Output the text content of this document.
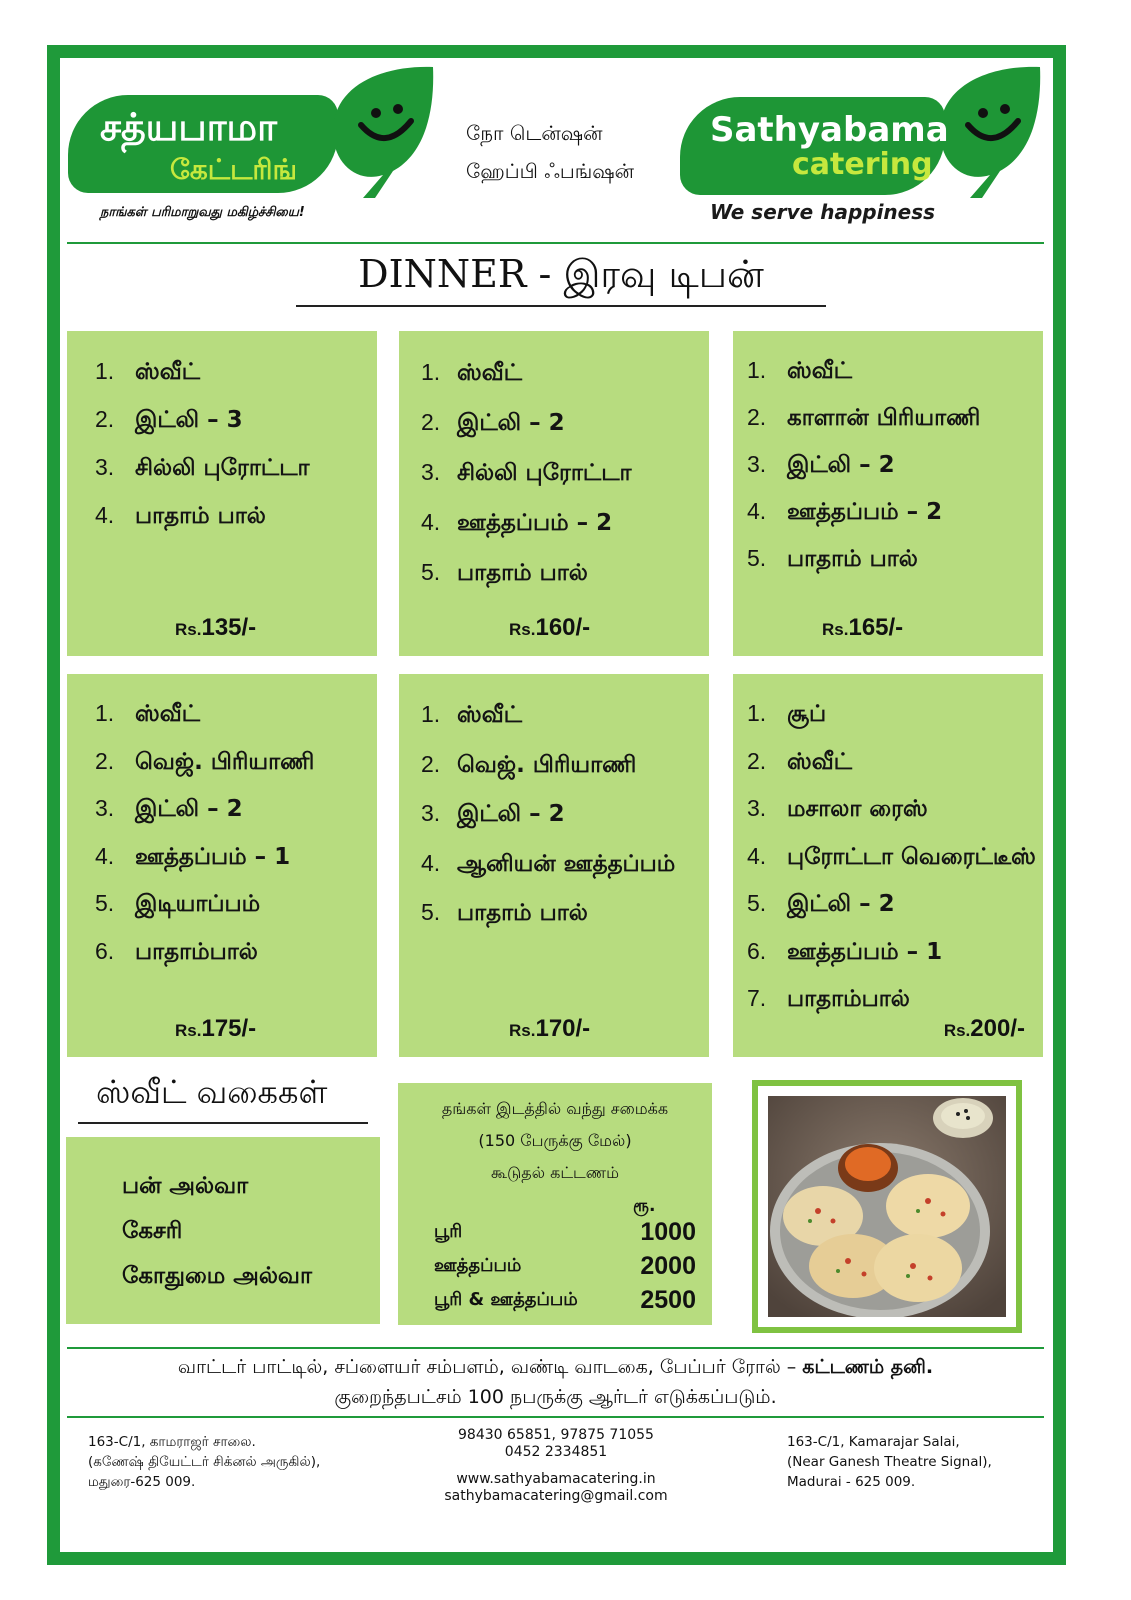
சத்யபாமா
கேட்டரிங்
நாங்கள் பரிமாறுவது மகிழ்ச்சியை!
நோ டென்ஷன்
ஹேப்பி ஃபங்ஷன்
Sathyabama
catering
We serve happiness
DINNER - இரவு டிபன்
1. ஸ்வீட்
2. இட்லி – 3
3. சில்லி புரோட்டா
4. பாதாம் பால்
Rs.135/-
1. ஸ்வீட்
2. இட்லி – 2
3. சில்லி புரோட்டா
4. ஊத்தப்பம் – 2
5. பாதாம் பால்
Rs.160/-
1. ஸ்வீட்
2. காளான் பிரியாணி
3. இட்லி – 2
4. ஊத்தப்பம் – 2
5. பாதாம் பால்
Rs.165/-
1. ஸ்வீட்
2. வெஜ். பிரியாணி
3. இட்லி – 2
4. ஊத்தப்பம் – 1
5. இடியாப்பம்
6. பாதாம்பால்
Rs.175/-
1. ஸ்வீட்
2. வெஜ். பிரியாணி
3. இட்லி – 2
4. ஆனியன் ஊத்தப்பம்
5. பாதாம் பால்
Rs.170/-
1. சூப்
2. ஸ்வீட்
3. மசாலா ரைஸ்
4. புரோட்டா வெரைட்டீஸ்
5. இட்லி – 2
6. ஊத்தப்பம் – 1
7. பாதாம்பால்
Rs.200/-
ஸ்வீட் வகைகள்
பன் அல்வா
கேசரி
கோதுமை அல்வா
தங்கள் இடத்தில் வந்து சமைக்க
(150 பேருக்கு மேல்)
கூடுதல் கட்டணம்
ரூ.
பூரி	1000
ஊத்தப்பம்	2000
பூரி & ஊத்தப்பம்	2500
வாட்டர் பாட்டில், சப்ளையர் சம்பளம், வண்டி வாடகை, பேப்பர் ரோல் – கட்டணம் தனி.
குறைந்தபட்சம் 100 நபருக்கு ஆர்டர் எடுக்கப்படும்.
163-C/1, காமராஜர் சாலை.
(கணேஷ் தியேட்டர் சிக்னல் அருகில்),
மதுரை-625 009.
98430 65851, 97875 71055
0452 2334851
www.sathyabamacatering.in
sathybamacatering@gmail.com
163-C/1, Kamarajar Salai,
(Near Ganesh Theatre Signal),
Madurai - 625 009.
